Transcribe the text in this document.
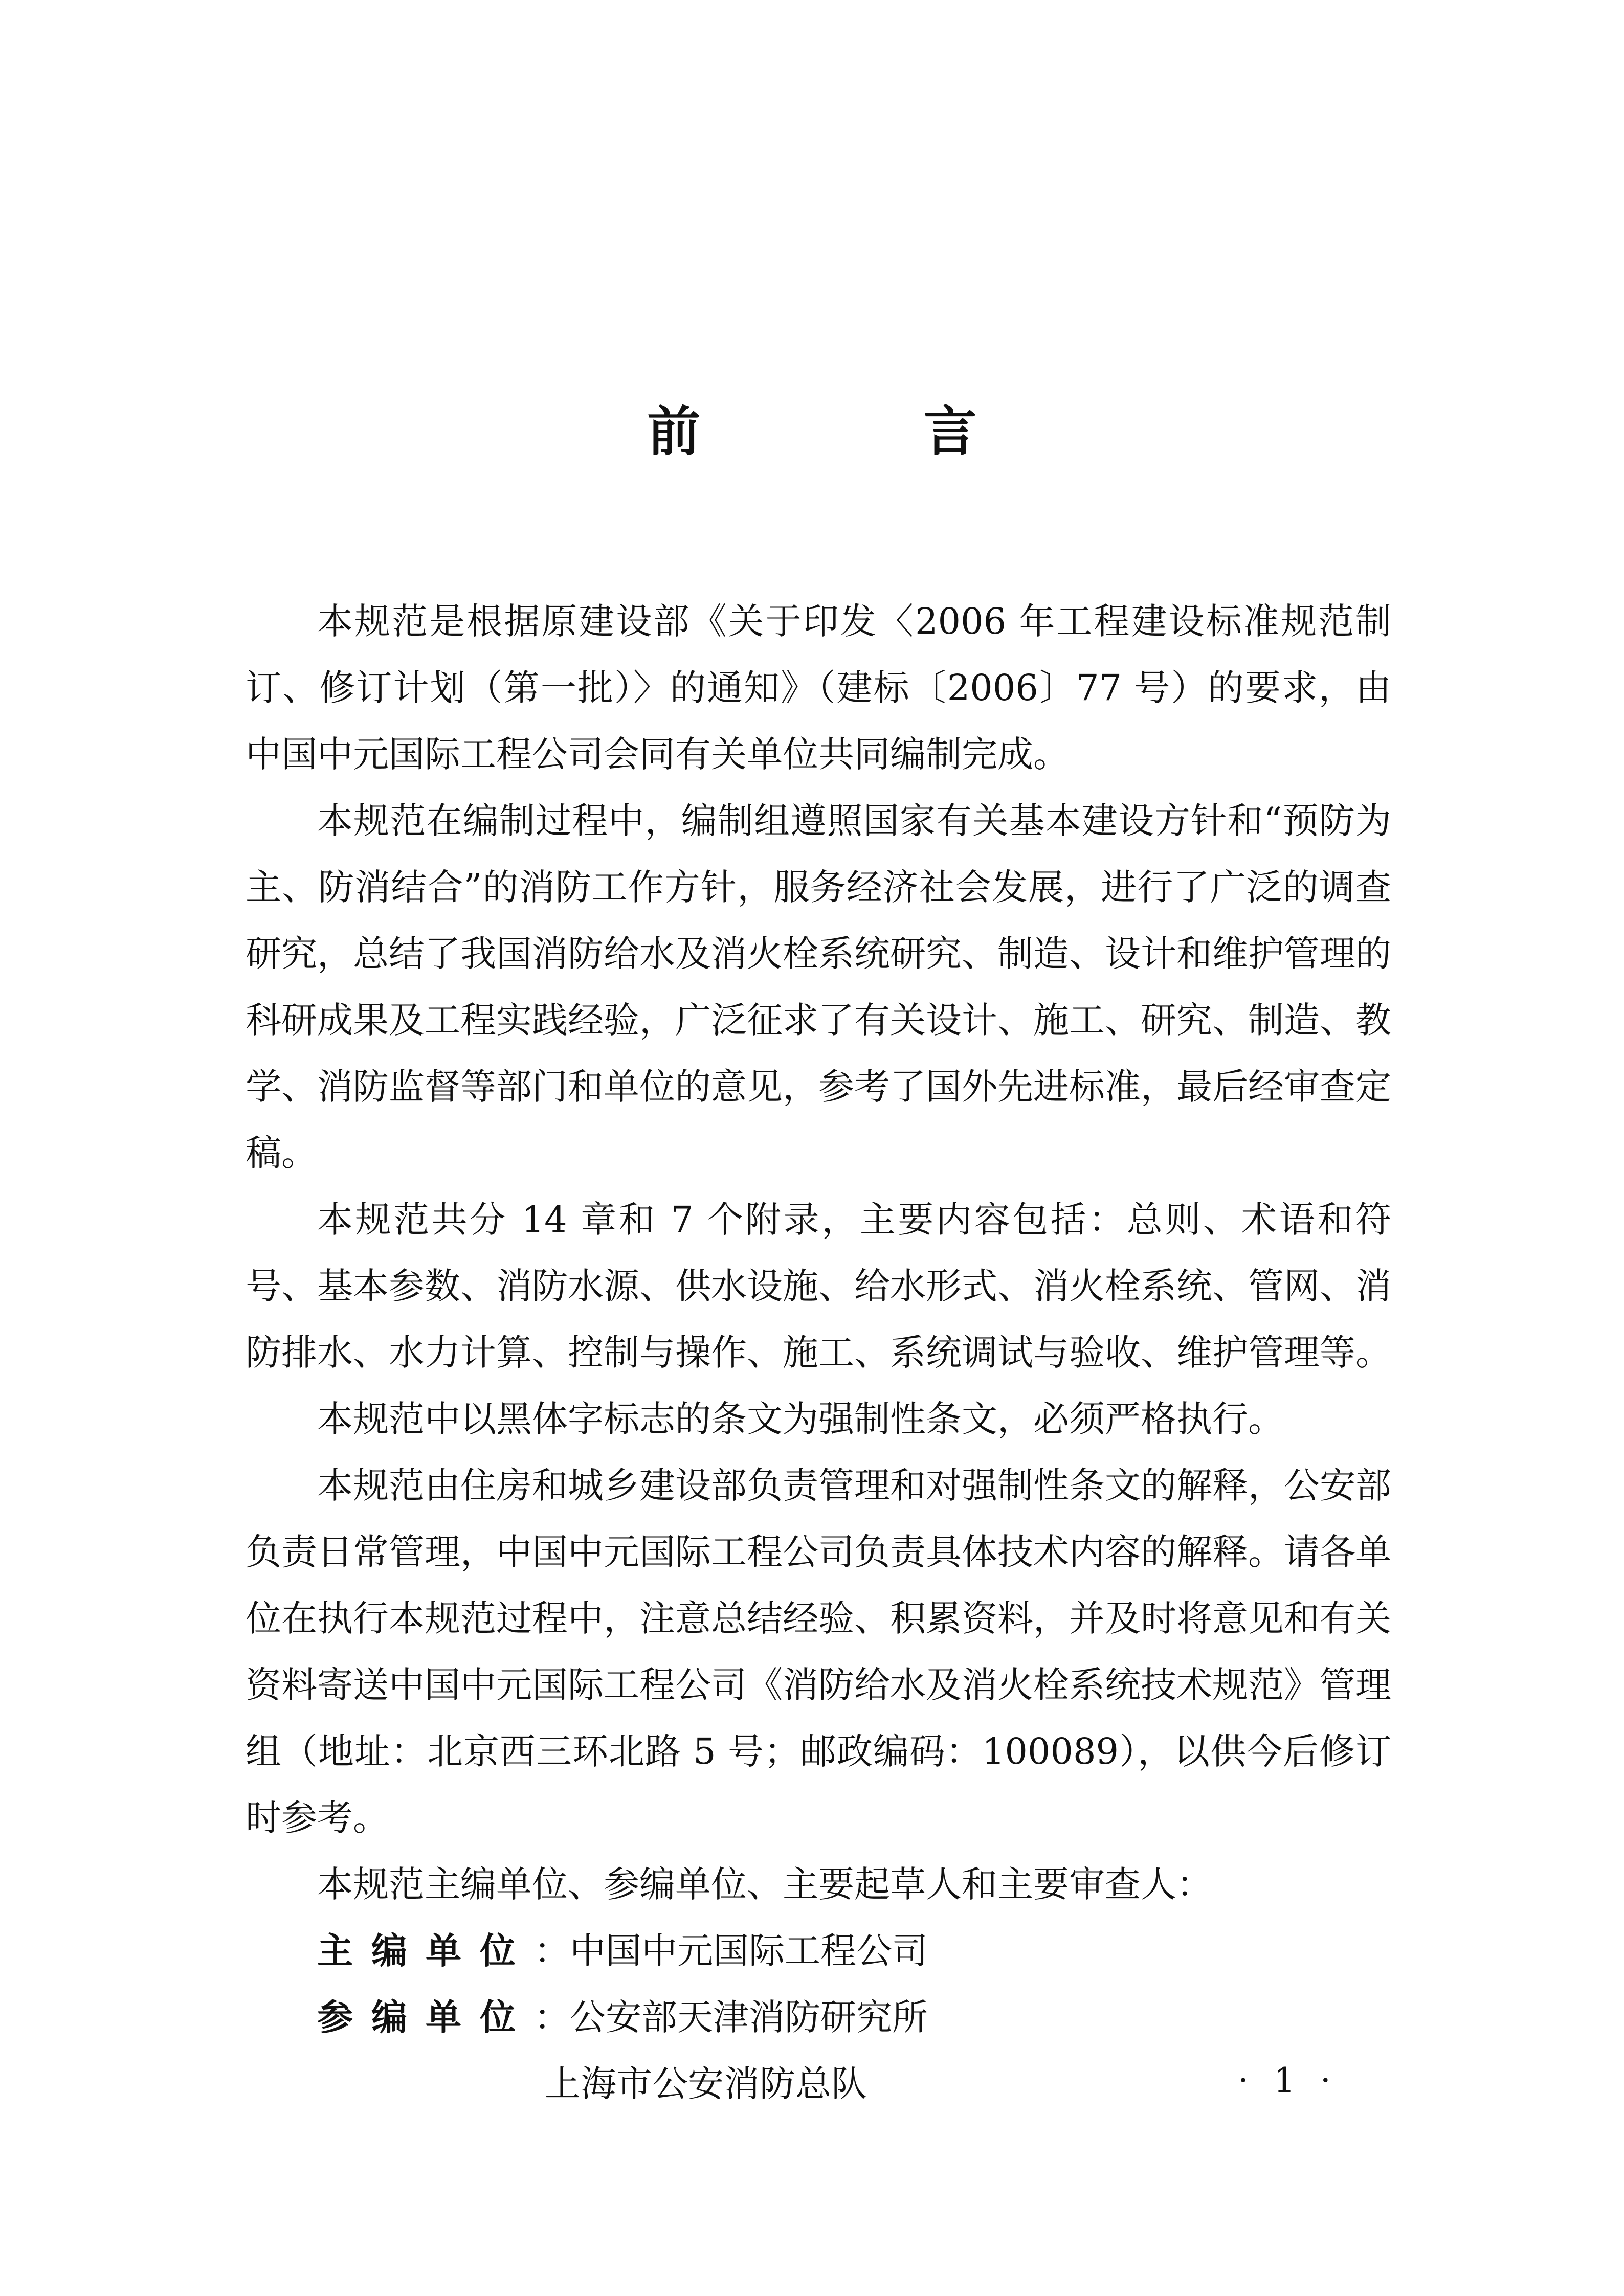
前 言

本规范是根据原建设部《关于印发〈2006 年工程建设标准规范制订、修订计划（第一批）〉的通知》（建标〔2006〕77 号）的要求，由中国中元国际工程公司会同有关单位共同编制完成。

本规范在编制过程中，编制组遵照国家有关基本建设方针和“预防为主、防消结合”的消防工作方针，服务经济社会发展，进行了广泛的调查研究，总结了我国消防给水及消火栓系统研究、制造、设计和维护管理的科研成果及工程实践经验，广泛征求了有关设计、施工、研究、制造、教学、消防监督等部门和单位的意见，参考了国外先进标准，最后经审查定稿。

本规范共分 14 章和 7 个附录，主要内容包括：总则、术语和符号、基本参数、消防水源、供水设施、给水形式、消火栓系统、管网、消防排水、水力计算、控制与操作、施工、系统调试与验收、维护管理等。

本规范中以黑体字标志的条文为强制性条文，必须严格执行。

本规范由住房和城乡建设部负责管理和对强制性条文的解释，公安部负责日常管理，中国中元国际工程公司负责具体技术内容的解释。请各单位在执行本规范过程中，注意总结经验、积累资料，并及时将意见和有关资料寄送中国中元国际工程公司《消防给水及消火栓系统技术规范》管理组（地址：北京西三环北路 5 号；邮政编码：100089），以供今后修订时参考。

本规范主编单位、参编单位、主要起草人和主要审查人：

主编单位：中国中元国际工程公司
参编单位：公安部天津消防研究所
上海市公安消防总队	· 1 ·
